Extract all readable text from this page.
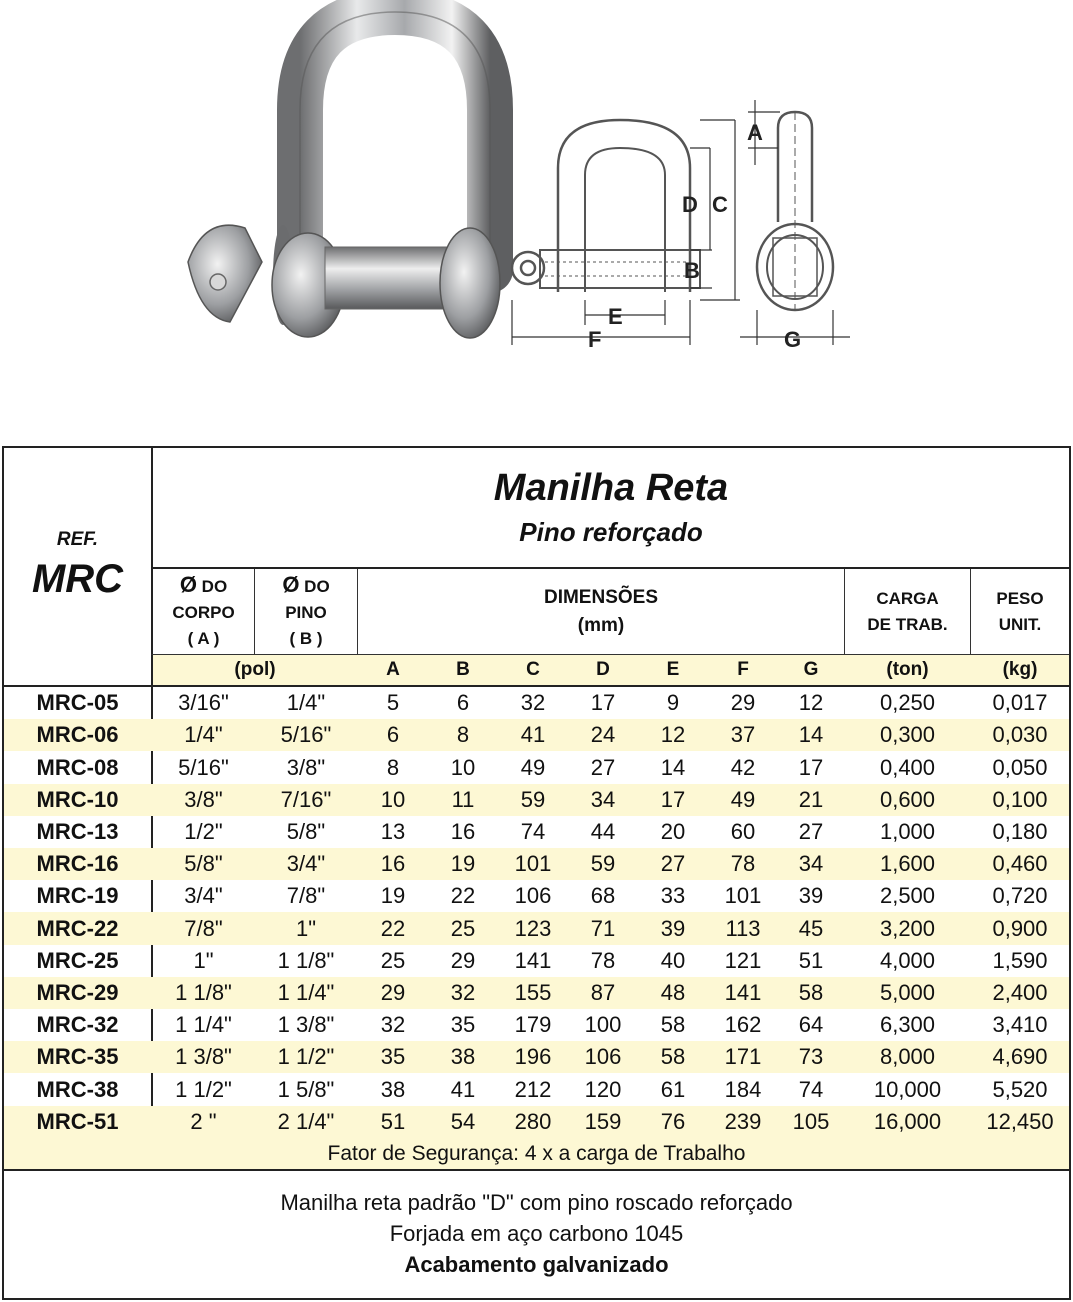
A
D C
B
E
F	G
REF.
MRC
Manilha Reta
Pino reforçado
Ø DO
CORPO
( A )
Ø DO
PINO
( B )
DIMENSÕES
(mm)
CARGA
DE TRAB.
PESO
UNIT.
(pol)	A	B	C	D	E	F	G	(ton)	(kg)
MRC-05	3/16"	1/4"	5	6	32	17	9	29	12	0,250	0,017
MRC-06	1/4"	5/16"	6	8	41	24	12	37	14	0,300	0,030
MRC-08	5/16"	3/8"	8	10	49	27	14	42	17	0,400	0,050
MRC-10	3/8"	7/16"	10	11	59	34	17	49	21	0,600	0,100
MRC-13	1/2"	5/8"	13	16	74	44	20	60	27	1,000	0,180
MRC-16	5/8"	3/4"	16	19	101	59	27	78	34	1,600	0,460
MRC-19	3/4"	7/8"	19	22	106	68	33	101	39	2,500	0,720
MRC-22	7/8"	1"	22	25	123	71	39	113	45	3,200	0,900
MRC-25	1"	1 1/8"	25	29	141	78	40	121	51	4,000	1,590
MRC-29	1 1/8"	1 1/4"	29	32	155	87	48	141	58	5,000	2,400
MRC-32	1 1/4"	1 3/8"	32	35	179	100	58	162	64	6,300	3,410
MRC-35	1 3/8"	1 1/2"	35	38	196	106	58	171	73	8,000	4,690
MRC-38	1 1/2"	1 5/8"	38	41	212	120	61	184	74	10,000	5,520
MRC-51	2 "	2 1/4"	51	54	280	159	76	239	105	16,000	12,450
Fator de Segurança: 4 x a carga de Trabalho
Manilha reta padrão "D" com pino roscado reforçado
Forjada em aço carbono 1045
Acabamento galvanizado
